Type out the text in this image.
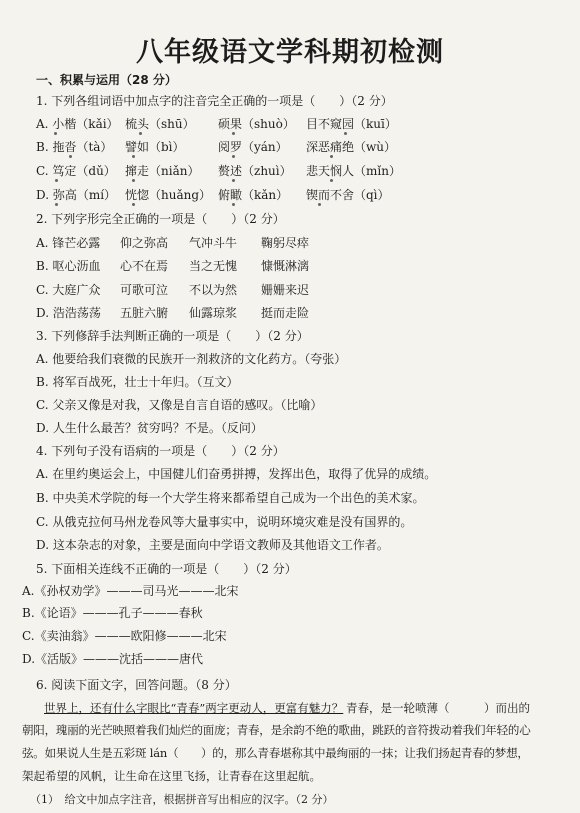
八年级语文学科期初检测
一、积累与运用（28 分）
1. 下列各组词语中加点字的注音完全正确的一项是（　　）（2 分）
A. 小楷（kǎi） 梳头（shū） 硕果（shuò） 目不窥园（kuī）
B. 拖沓（tà） 譬如（bì）	阅罗（yán） 深恶痛绝（wù）
C. 笃定（dǔ） 撺走（niǎn） 赘述（zhuì） 悲天悯人（mǐn）
D. 弥高（mí） 恍惚（huǎng） 俯瞰（kǎn） 锲而不舍（qì）
2. 下列字形完全正确的一项是（　　）（2 分）
A. 锋芒必露 仰之弥高 气冲斗牛 鞠躬尽瘁
B. 呕心沥血 心不在焉 当之无愧 慷慨淋漓
C. 大庭广众 可歌可泣 不以为然 姗姗来迟
D. 浩浩荡荡 五脏六腑 仙露琼浆 挺而走险
3. 下列修辞手法判断正确的一项是（　　）（2 分）
A. 他要给我们衰微的民族开一剂救济的文化药方。（夸张）
B. 将军百战死，壮士十年归。（互文）
C. 父亲又像是对我，又像是自言自语的感叹。（比喻）
D. 人生什么最苦？贫穷吗？不是。（反问）
4. 下列句子没有语病的一项是（　　）（2 分）
A. 在里约奥运会上，中国健儿们奋勇拼搏，发挥出色，取得了优异的成绩。
B. 中央美术学院的每一个大学生将来都希望自己成为一个出色的美术家。
C. 从俄克拉何马州龙卷风等大量事实中，说明环境灾难是没有国界的。
D. 这本杂志的对象，主要是面向中学语文教师及其他语文工作者。
5. 下面相关连线不正确的一项是（　　）（2 分）
A.《孙权劝学》———司马光———北宋
B.《论语》———孔子———春秋
C.《卖油翁》———欧阳修———北宋
D.《活版》———沈括———唐代
6. 阅读下面文字，回答问题。（8 分）
世界上，还有什么字眼比“青春”两字更动人，更富有魅力？ 青春，是一轮喷薄（　　　）而出的
朝阳，瑰丽的光芒映照着我们灿烂的面庞；青春，是余韵不绝的歌曲，跳跃的音符拨动着我们年轻的心
弦。如果说人生是五彩斑 lán（　　）的，那么青春堪称其中最绚丽的一抹；让我们扬起青春的梦想，
架起希望的风帆，让生命在这里飞扬，让青春在这里起航。
（1）　给文中加点字注音，根据拼音写出相应的汉字。（2 分）
